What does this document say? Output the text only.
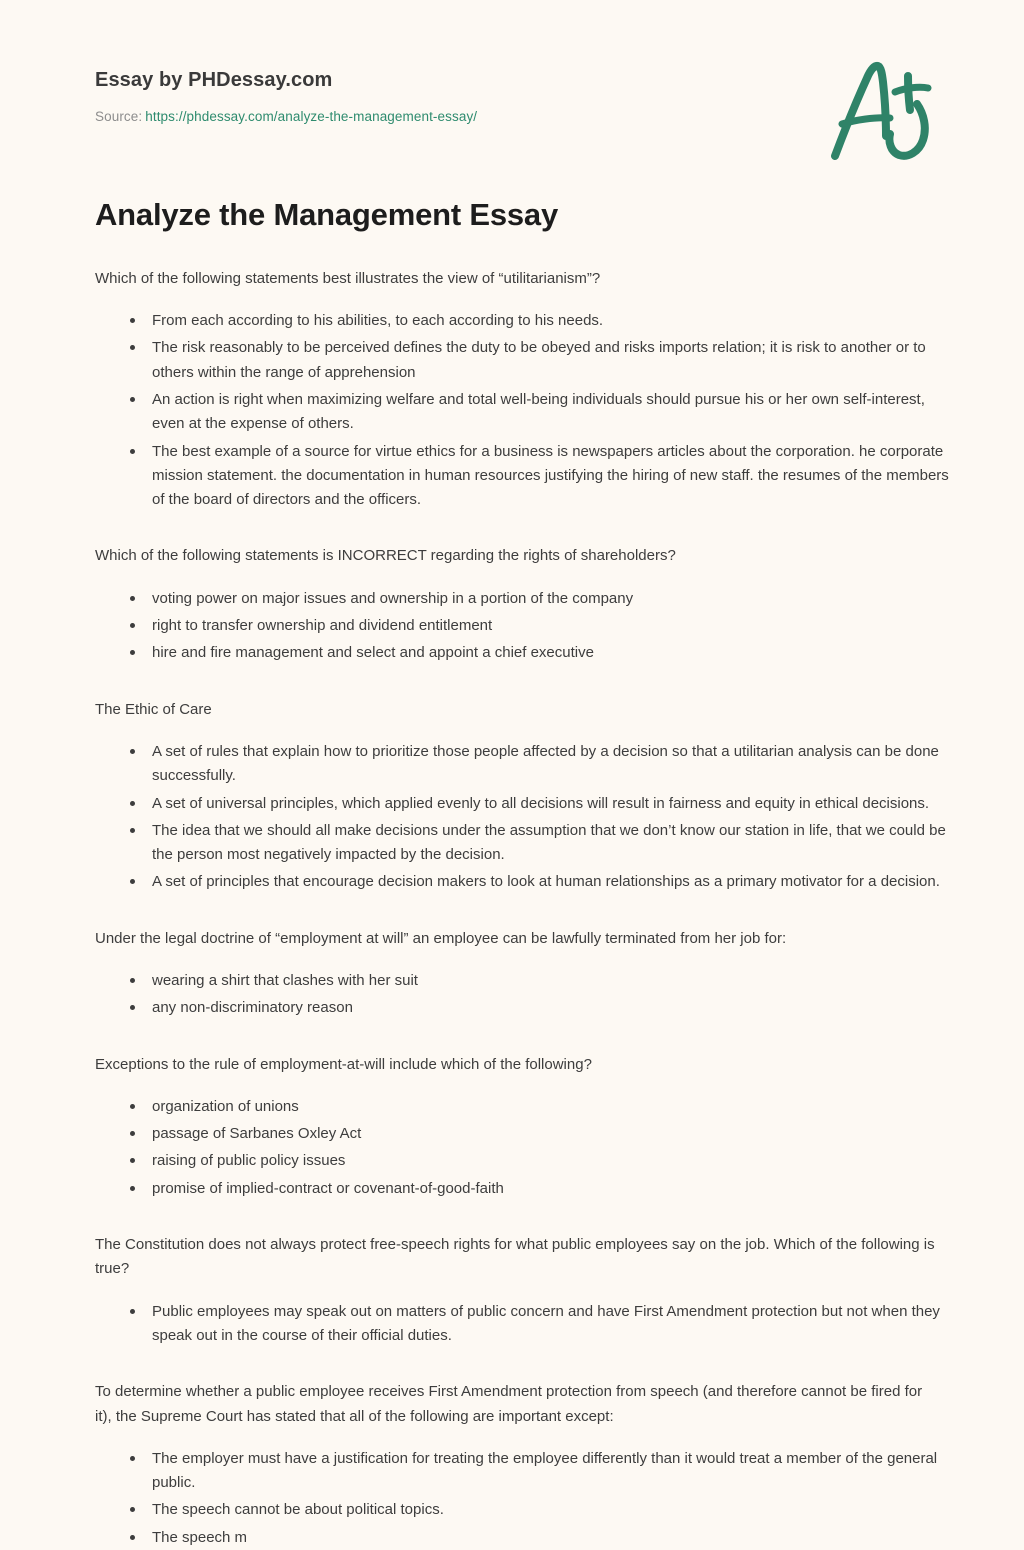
Essay by PHDessay.com
Source: https://phdessay.com/analyze-the-management-essay/
Analyze the Management Essay

Which of the following statements best illustrates the view of “utilitarianism”?

From each according to his abilities, to each according to his needs.
The risk reasonably to be perceived defines the duty to be obeyed and risks imports relation; it is risk to another or to others within the range of apprehension
An action is right when maximizing welfare and total well-being individuals should pursue his or her own self-interest, even at the expense of others.
The best example of a source for virtue ethics for a business is newspapers articles about the corporation. he corporate mission statement. the documentation in human resources justifying the hiring of new staff. the resumes of the members of the board of directors and the officers.

Which of the following statements is INCORRECT regarding the rights of shareholders?

voting power on major issues and ownership in a portion of the company
right to transfer ownership and dividend entitlement
hire and fire management and select and appoint a chief executive

The Ethic of Care

A set of rules that explain how to prioritize those people affected by a decision so that a utilitarian analysis can be done successfully.
A set of universal principles, which applied evenly to all decisions will result in fairness and equity in ethical decisions.
The idea that we should all make decisions under the assumption that we don’t know our station in life, that we could be the person most negatively impacted by the decision.
A set of principles that encourage decision makers to look at human relationships as a primary motivator for a decision.

Under the legal doctrine of “employment at will” an employee can be lawfully terminated from her job for:

wearing a shirt that clashes with her suit
any non-discriminatory reason

Exceptions to the rule of employment-at-will include which of the following?

organization of unions
passage of Sarbanes Oxley Act
raising of public policy issues
promise of implied-contract or covenant-of-good-faith

The Constitution does not always protect free-speech rights for what public employees say on the job. Which of the following is true?

Public employees may speak out on matters of public concern and have First Amendment protection but not when they speak out in the course of their official duties.

To determine whether a public employee receives First Amendment protection from speech (and therefore cannot be fired for it), the Supreme Court has stated that all of the following are important except:

The employer must have a justification for treating the employee differently than it would treat a member of the general public.
The speech cannot be about political topics.
The speech m
